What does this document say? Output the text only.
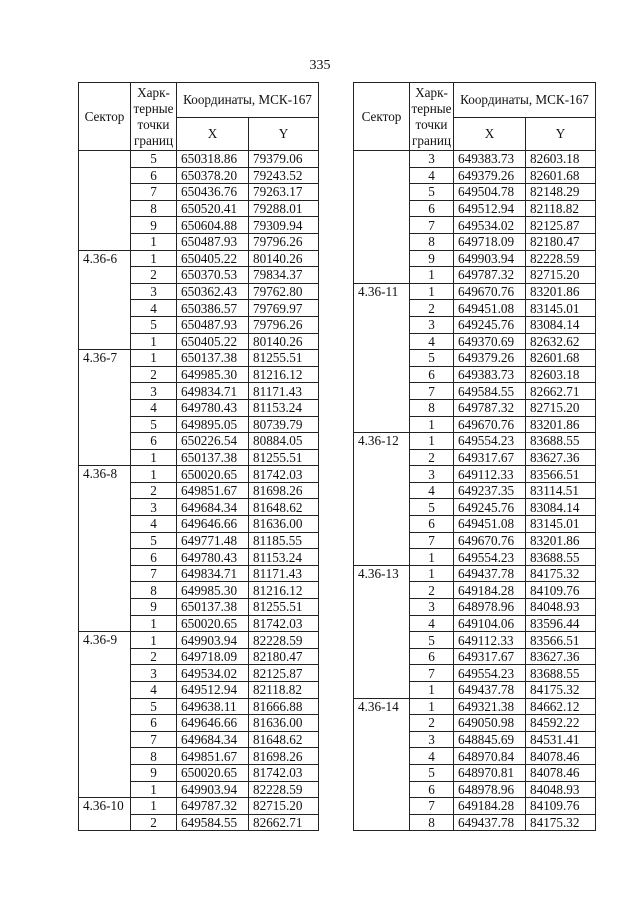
335
Сектор	Харк-терные точки границ	Координаты, МСК-167	
		X	Y
	5	650318.86	79379.06
	6	650378.20	79243.52
	7	650436.76	79263.17
	8	650520.41	79288.01
	9	650604.88	79309.94
	1	650487.93	79796.26
4.36-6	1	650405.22	80140.26
	2	650370.53	79834.37
	3	650362.43	79762.80
	4	650386.57	79769.97
	5	650487.93	79796.26
	1	650405.22	80140.26
4.36-7	1	650137.38	81255.51
	2	649985.30	81216.12
	3	649834.71	81171.43
	4	649780.43	81153.24
	5	649895.05	80739.79
	6	650226.54	80884.05
	1	650137.38	81255.51
4.36-8	1	650020.65	81742.03
	2	649851.67	81698.26
	3	649684.34	81648.62
	4	649646.66	81636.00
	5	649771.48	81185.55
	6	649780.43	81153.24
	7	649834.71	81171.43
	8	649985.30	81216.12
	9	650137.38	81255.51
	1	650020.65	81742.03
4.36-9	1	649903.94	82228.59
	2	649718.09	82180.47
	3	649534.02	82125.87
	4	649512.94	82118.82
	5	649638.11	81666.88
	6	649646.66	81636.00
	7	649684.34	81648.62
	8	649851.67	81698.26
	9	650020.65	81742.03
	1	649903.94	82228.59
4.36-10	1	649787.32	82715.20
	2	649584.55	82662.71
Сектор	Харк-терные точки границ	Координаты, МСК-167	
		X	Y
	3	649383.73	82603.18
	4	649379.26	82601.68
	5	649504.78	82148.29
	6	649512.94	82118.82
	7	649534.02	82125.87
	8	649718.09	82180.47
	9	649903.94	82228.59
	1	649787.32	82715.20
4.36-11	1	649670.76	83201.86
	2	649451.08	83145.01
	3	649245.76	83084.14
	4	649370.69	82632.62
	5	649379.26	82601.68
	6	649383.73	82603.18
	7	649584.55	82662.71
	8	649787.32	82715.20
	1	649670.76	83201.86
4.36-12	1	649554.23	83688.55
	2	649317.67	83627.36
	3	649112.33	83566.51
	4	649237.35	83114.51
	5	649245.76	83084.14
	6	649451.08	83145.01
	7	649670.76	83201.86
	1	649554.23	83688.55
4.36-13	1	649437.78	84175.32
	2	649184.28	84109.76
	3	648978.96	84048.93
	4	649104.06	83596.44
	5	649112.33	83566.51
	6	649317.67	83627.36
	7	649554.23	83688.55
	1	649437.78	84175.32
4.36-14	1	649321.38	84662.12
	2	649050.98	84592.22
	3	648845.69	84531.41
	4	648970.84	84078.46
	5	648970.81	84078.46
	6	648978.96	84048.93
	7	649184.28	84109.76
	8	649437.78	84175.32
